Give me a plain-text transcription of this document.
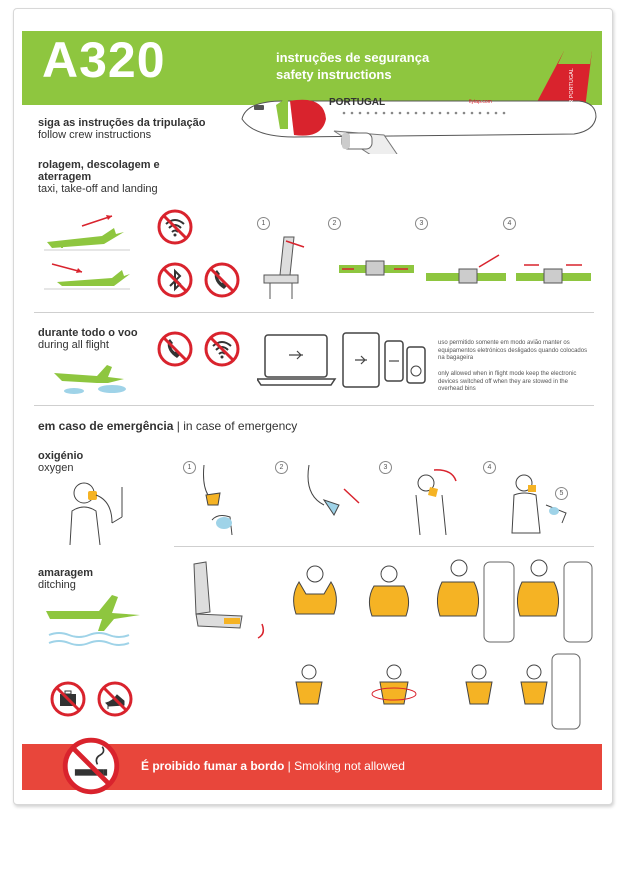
A320	instruções de segurança
safety instructions
PORTUGAL	flytap.com	AIR PORTUGAL
siga as instruções da tripulação
follow crew instructions
rolagem, descolagem e aterragem
taxi, take-off and landing
1	2	3	4
durante todo o voo
during all flight	uso permitido somente em modo avião manter os equipamentos eletrónicos desligados quando colocados na bagageira
only allowed when in flight mode keep the electronic devices switched off when they are stowed in the overhead bins
em caso de emergência | in case of emergency
oxigénio
oxygen	1	2	3	4
5
amaragem
ditching
É proibido fumar a bordo | Smoking not allowed
